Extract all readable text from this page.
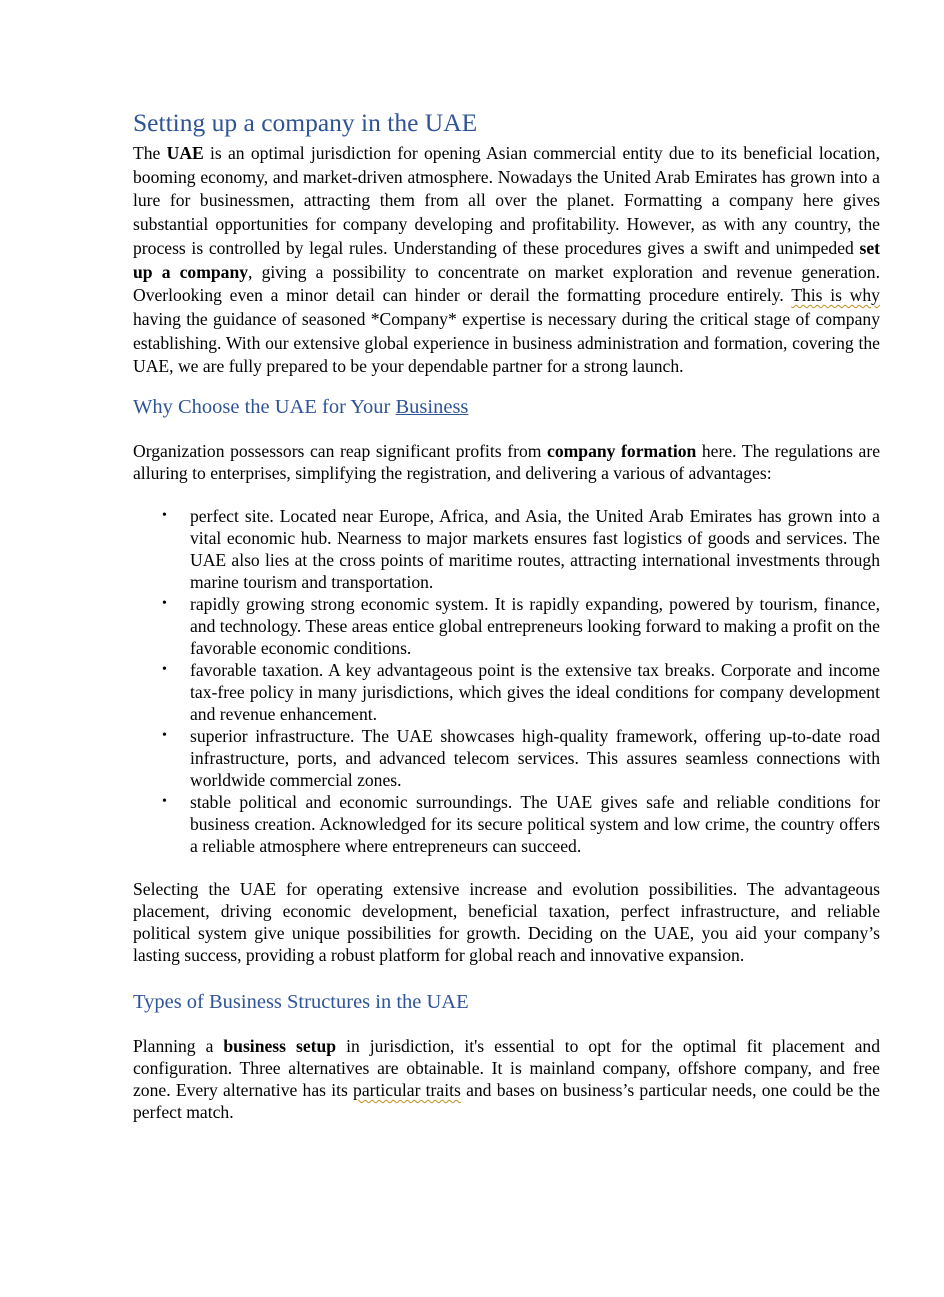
Setting up a company in the UAE

The UAE is an optimal jurisdiction for opening Asian commercial entity due to its beneficial location, booming economy, and market-driven atmosphere. Nowadays the United Arab Emirates has grown into a lure for businessmen, attracting them from all over the planet. Formatting a company here gives substantial opportunities for company developing and profitability. However, as with any country, the process is controlled by legal rules. Understanding of these procedures gives a swift and unimpeded set up a company, giving a possibility to concentrate on market exploration and revenue generation. Overlooking even a minor detail can hinder or derail the formatting procedure entirely. This is why having the guidance of seasoned *Company* expertise is necessary during the critical stage of company establishing. With our extensive global experience in business administration and formation, covering the UAE, we are fully prepared to be your dependable partner for a strong launch.

Why Choose the UAE for Your Business

Organization possessors can reap significant profits from company formation here. The regulations are alluring to enterprises, simplifying the registration, and delivering a various of advantages:

• perfect site. Located near Europe, Africa, and Asia, the United Arab Emirates has grown into a vital economic hub. Nearness to major markets ensures fast logistics of goods and services. The UAE also lies at the cross points of maritime routes, attracting international investments through marine tourism and transportation.
• rapidly growing strong economic system. It is rapidly expanding, powered by tourism, finance, and technology. These areas entice global entrepreneurs looking forward to making a profit on the favorable economic conditions.
• favorable taxation. A key advantageous point is the extensive tax breaks. Corporate and income tax-free policy in many jurisdictions, which gives the ideal conditions for company development and revenue enhancement.
• superior infrastructure. The UAE showcases high-quality framework, offering up-to-date road infrastructure, ports, and advanced telecom services. This assures seamless connections with worldwide commercial zones.
• stable political and economic surroundings. The UAE gives safe and reliable conditions for business creation. Acknowledged for its secure political system and low crime, the country offers a reliable atmosphere where entrepreneurs can succeed.

Selecting the UAE for operating extensive increase and evolution possibilities. The advantageous placement, driving economic development, beneficial taxation, perfect infrastructure, and reliable political system give unique possibilities for growth. Deciding on the UAE, you aid your company’s lasting success, providing a robust platform for global reach and innovative expansion.

Types of Business Structures in the UAE

Planning a business setup in jurisdiction, it's essential to opt for the optimal fit placement and configuration. Three alternatives are obtainable. It is mainland company, offshore company, and free zone. Every alternative has its particular traits and bases on business’s particular needs, one could be the perfect match.
